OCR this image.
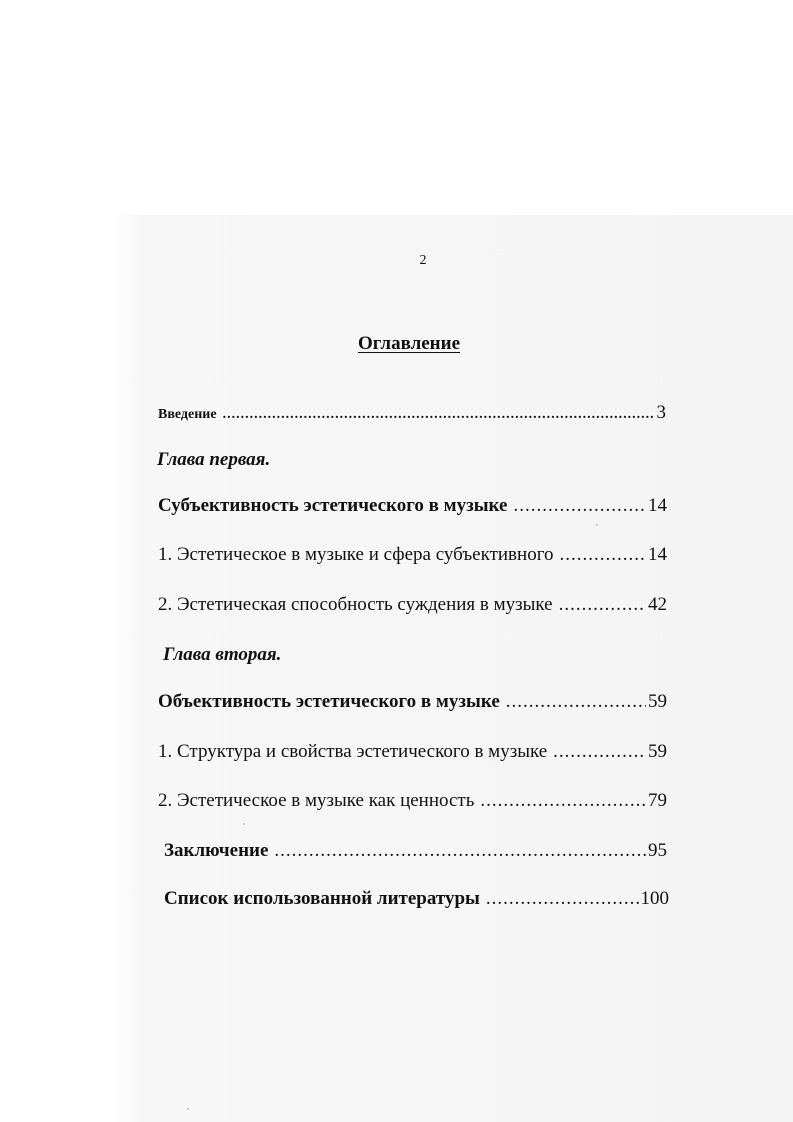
2
Оглавление
Введение .....	3
Глава первая.
Субъективность эстетического в музыке .....	14
1. Эстетическое в музыке и сфера субъективного .....	14
2. Эстетическая способность суждения в музыке .....	42
Глава вторая.
Объективность эстетического в музыке .....	59
1. Структура и свойства эстетического в музыке .....	59
2. Эстетическое в музыке как ценность .....	79
Заключение .....	95
Список использованной литературы .....	100
